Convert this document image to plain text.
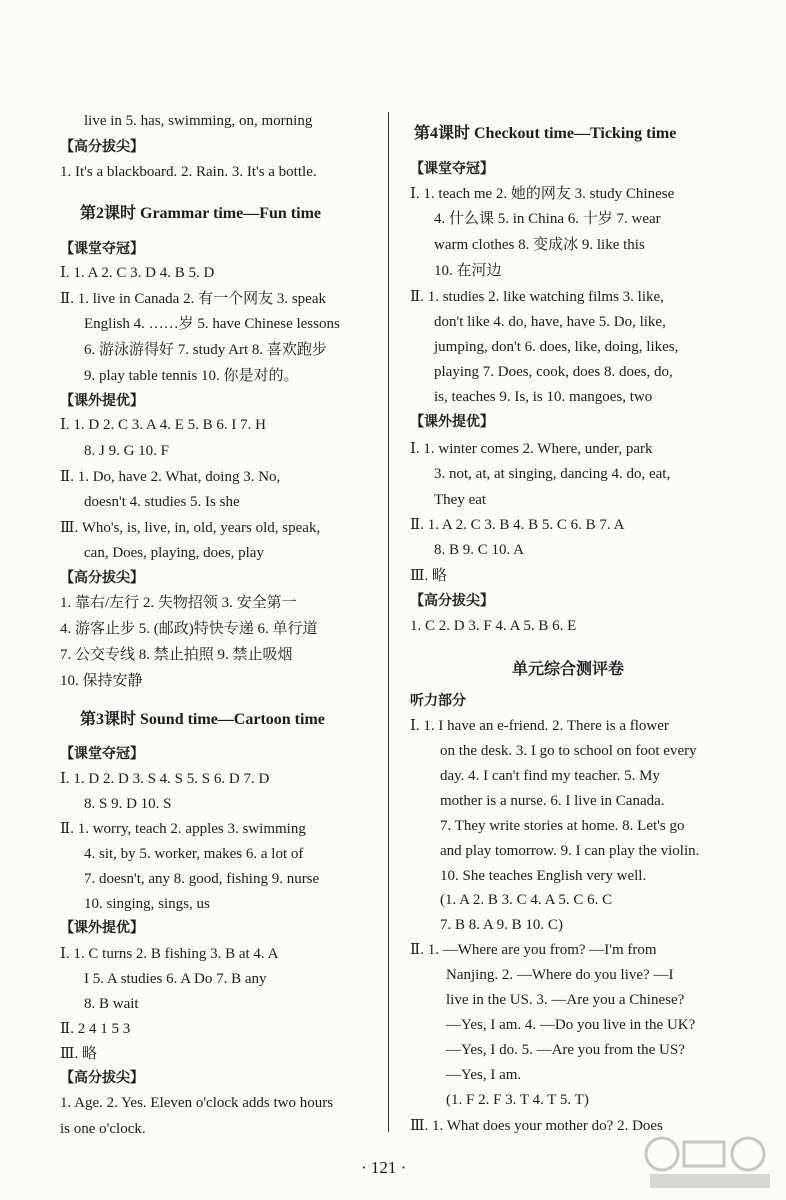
live in 5. has, swimming, on, morning
【高分拔尖】
1. It's a blackboard. 2. Rain. 3. It's a bottle.
第2课时 Grammar time—Fun time
【课堂夺冠】
Ⅰ. 1. A 2. C 3. D 4. B 5. D
Ⅱ. 1. live in Canada 2. 有一个网友 3. speak
English 4. ……岁 5. have Chinese lessons
6. 游泳游得好 7. study Art 8. 喜欢跑步
9. play table tennis 10. 你是对的。
【课外提优】
Ⅰ. 1. D 2. C 3. A 4. E 5. B 6. I 7. H
8. J 9. G 10. F
Ⅱ. 1. Do, have 2. What, doing 3. No,
doesn't 4. studies 5. Is she
Ⅲ. Who's, is, live, in, old, years old, speak,
can, Does, playing, does, play
【高分拔尖】
1. 靠右/左行 2. 失物招领 3. 安全第一
4. 游客止步 5. (邮政)特快专递 6. 单行道
7. 公交专线 8. 禁止拍照 9. 禁止吸烟
10. 保持安静
第3课时 Sound time—Cartoon time
【课堂夺冠】
Ⅰ. 1. D 2. D 3. S 4. S 5. S 6. D 7. D
8. S 9. D 10. S
Ⅱ. 1. worry, teach 2. apples 3. swimming
4. sit, by 5. worker, makes 6. a lot of
7. doesn't, any 8. good, fishing 9. nurse
10. singing, sings, us
【课外提优】
Ⅰ. 1. C turns 2. B fishing 3. B at 4. A
I 5. A studies 6. A Do 7. B any
8. B wait
Ⅱ. 2 4 1 5 3
Ⅲ. 略
【高分拔尖】
1. Age. 2. Yes. Eleven o'clock adds two hours
is one o'clock.
第4课时 Checkout time—Ticking time
【课堂夺冠】
Ⅰ. 1. teach me 2. 她的网友 3. study Chinese
4. 什么课 5. in China 6. 十岁 7. wear
warm clothes 8. 变成冰 9. like this
10. 在河边
Ⅱ. 1. studies 2. like watching films 3. like,
don't like 4. do, have, have 5. Do, like,
jumping, don't 6. does, like, doing, likes,
playing 7. Does, cook, does 8. does, do,
is, teaches 9. Is, is 10. mangoes, two
【课外提优】
Ⅰ. 1. winter comes 2. Where, under, park
3. not, at, at singing, dancing 4. do, eat,
They eat
Ⅱ. 1. A 2. C 3. B 4. B 5. C 6. B 7. A
8. B 9. C 10. A
Ⅲ. 略
【高分拔尖】
1. C 2. D 3. F 4. A 5. B 6. E
单元综合测评卷
听力部分
Ⅰ. 1. I have an e-friend. 2. There is a flower
on the desk. 3. I go to school on foot every
day. 4. I can't find my teacher. 5. My
mother is a nurse. 6. I live in Canada.
7. They write stories at home. 8. Let's go
and play tomorrow. 9. I can play the violin.
10. She teaches English very well.
(1. A 2. B 3. C 4. A 5. C 6. C
7. B 8. A 9. B 10. C)
Ⅱ. 1. —Where are you from? —I'm from
Nanjing. 2. —Where do you live? —I
live in the US. 3. —Are you a Chinese?
—Yes, I am. 4. —Do you live in the UK?
—Yes, I do. 5. —Are you from the US?
—Yes, I am.
(1. F 2. F 3. T 4. T 5. T)
Ⅲ. 1. What does your mother do? 2. Does
· 121 ·
